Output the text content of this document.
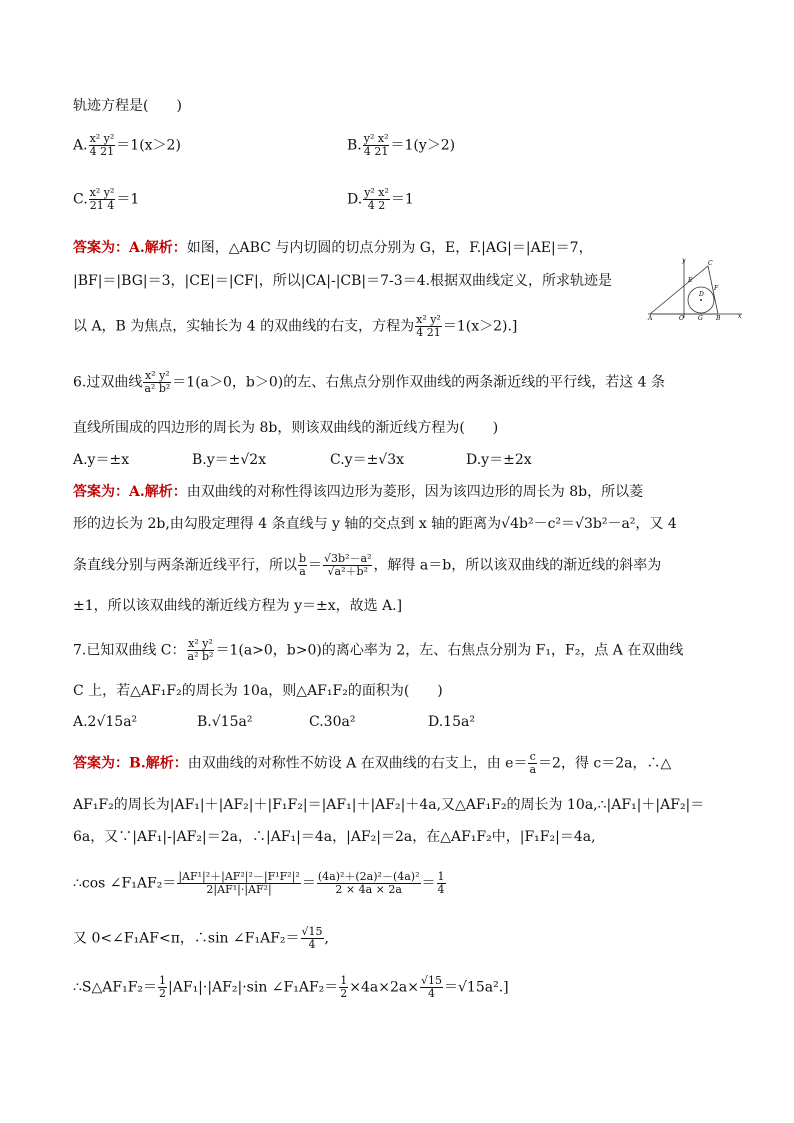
轨迹方程是(　　)
A. $\frac{\text{x² y²}}{4 21} =1(x>2)$	B. $\frac{\text{y² x²}}{4 21} =1(y>2)$
C. $\frac{\text{x² y²}}{21 4} =1$	D. $\frac{\text{y² x²}}{4 2} =1$
答案为：A.解析：如图，△ABC 与内切圆的切点分别为 G，E，F.|AG|＝|AE|＝7，
|BF|＝|BG|＝3，|CE|＝|CF|，所以|CA|-|CB|＝7-3＝4.根据双曲线定义，所求轨迹是
以 A，B 为焦点，实轴长为 4 的双曲线的右支，方程为 $\frac{\text{x² y²}}{4 21} =1(x>2)$.]
y	C
E
D
F
A	O G B	x
6.过双曲线 $\frac{\text{x² y²}}{\text{a² b²}} =1(a>0$，b＞0)的左、右焦点分别作双曲线的两条渐近线的平行线，若这 4 条
直线所围成的四边形的周长为 8b，则该双曲线的渐近线方程为(　　)
A.y＝±x	B.y＝±√2x	C.y＝±√3x	D.y＝±2x
答案为：A.解析：由双曲线的对称性得该四边形为菱形，因为该四边形的周长为 8b，所以菱
形的边长为 2b,由勾股定理得 4 条直线与 y 轴的交点到 x 轴的距离为√4b²－c²＝√3b²－a²，又 4
条直线分别与两条渐近线平行，所以 $\frac{b}{a} = \frac{\text{√3b²－a²}}{\text{√a²＋b²}}$ ，解得 a＝b，所以该双曲线的渐近线的斜率为
±1，所以该双曲线的渐近线方程为 y＝±x，故选 A.]
7.已知双曲线 C： $\frac{\text{x² y²}}{\text{a² b²}} =1(a>0$，b>0)的离心率为 2，左、右焦点分别为 F₁，F₂，点 A 在双曲线
C 上，若△AF₁F₂的周长为 10a，则△AF₁F₂的面积为(　　)
A.2√15a²	B.√15a²	C.30a²	D.15a²
答案为：B.解析：由双曲线的对称性不妨设 A 在双曲线的右支上，由 $e= \frac{c}{a} =2$，得 c＝2a，∴△
AF₁F₂的周长为|AF₁|＋|AF₂|＋|F₁F₂|＝|AF₁|＋|AF₂|＋4a,又△AF₁F₂的周长为 10a,∴|AF₁|＋|AF₂|＝
6a，又∵|AF₁|-|AF₂|＝2a，∴|AF₁|＝4a，|AF₂|＝2a，在△AF₁F₂中，|F₁F₂|＝4a,
∴cos ∠F₁AF₂＝ $\frac{\text{|AF¹|²＋|AF²|²－|F¹F²|²}}{\text{2|AF¹|·|AF²|}} = \frac{\text{(4a)²＋(2a)²－(4a)²}}{2 \times 4a \times 2a} = \frac{1}{4}$
又 0<∠F₁AF<π，∴sin ∠F₁AF₂＝ $\frac{√15}{4}$ ,
∴S△AF₁F₂＝ $\frac{1}{2} |AF_1|\cdot|AF_2|\cdot\sin$ ∠F₁AF₂＝ $\frac{1}{2} \times 4a\times 2a\times \frac{√15}{4} =√15a^2$.]
